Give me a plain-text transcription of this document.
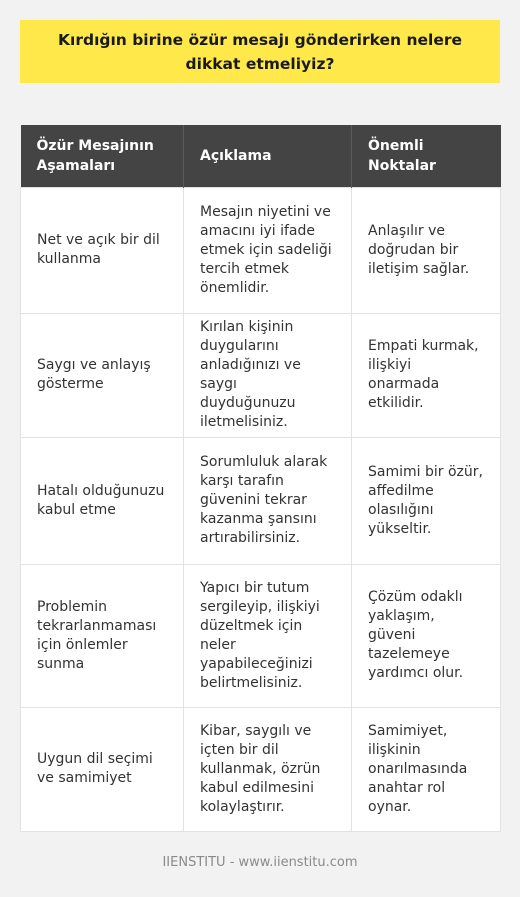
Kırdığın birine özür mesajı gönderirken nelere dikkat etmeliyiz?
Özür Mesajının Aşamaları	Açıklama	Önemli Noktalar
Net ve açık bir dil kullanma	Mesajın niyetini ve amacını iyi ifade etmek için sadeliği tercih etmek önemlidir.	Anlaşılır ve doğrudan bir iletişim sağlar.
Saygı ve anlayış gösterme	Kırılan kişinin duygularını anladığınızı ve saygı duyduğunuzu iletmelisiniz.	Empati kurmak, ilişkiyi onarmada etkilidir.
Hatalı olduğunuzu kabul etme	Sorumluluk alarak karşı tarafın güvenini tekrar kazanma şansını artırabilirsiniz.	Samimi bir özür, affedilme olasılığını yükseltir.
Problemin tekrarlanmaması için önlemler sunma	Yapıcı bir tutum sergileyip, ilişkiyi düzeltmek için neler yapabileceğinizi belirtmelisiniz.	Çözüm odaklı yaklaşım, güveni tazelemeye yardımcı olur.
Uygun dil seçimi ve samimiyet	Kibar, saygılı ve içten bir dil kullanmak, özrün kabul edilmesini kolaylaştırır.	Samimiyet, ilişkinin onarılmasında anahtar rol oynar.
IIENSTITU - www.iienstitu.com
